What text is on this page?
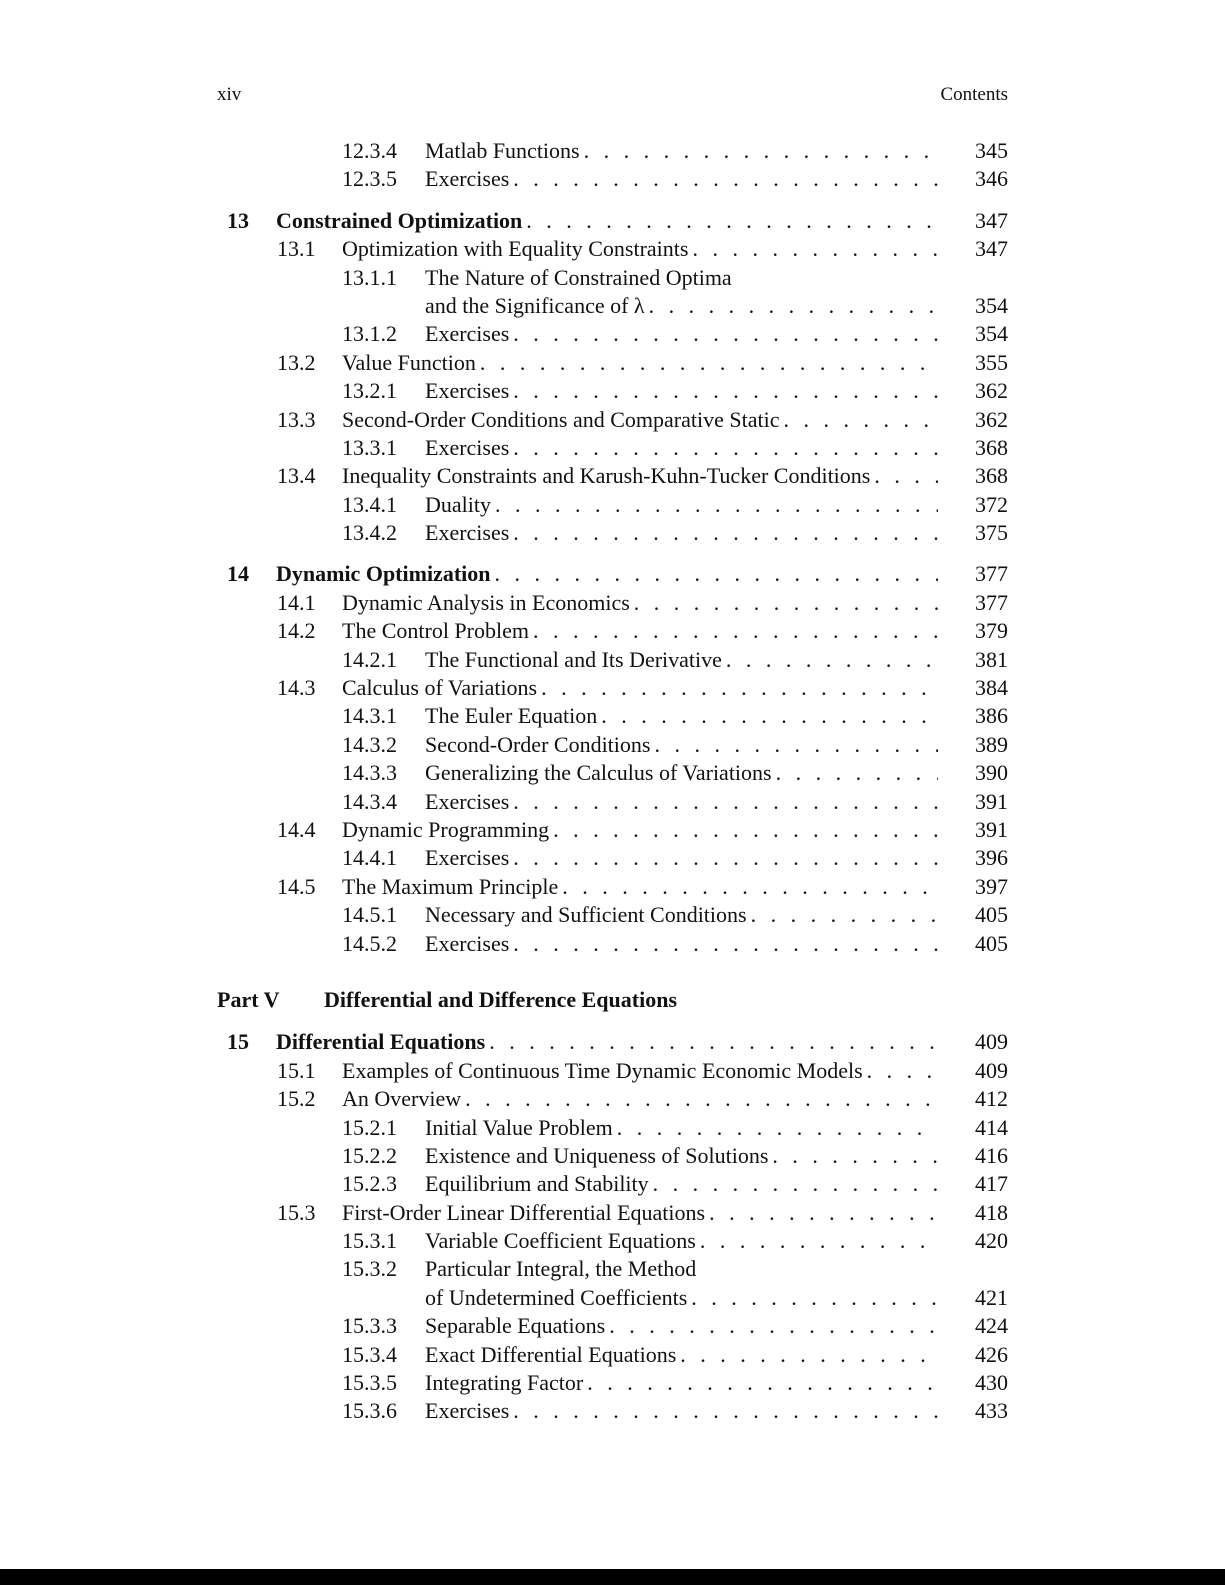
xiv	Contents
12.3.4 Matlab Functions . . .	345
12.3.5 Exercises . . .	346
13 Constrained Optimization . . .	347
13.1 Optimization with Equality Constraints . . .	347
13.1.1 The Nature of Constrained Optima
and the Significance of λ . . .	354
13.1.2 Exercises . . .	354
13.2 Value Function . . .	355
13.2.1 Exercises . . .	362
13.3 Second-Order Conditions and Comparative Static . . .	362
13.3.1 Exercises . . .	368
13.4 Inequality Constraints and Karush-Kuhn-Tucker Conditions . . .	368
13.4.1 Duality . . .	372
13.4.2 Exercises . . .	375
14 Dynamic Optimization . . .	377
14.1 Dynamic Analysis in Economics . . .	377
14.2 The Control Problem . . .	379
14.2.1 The Functional and Its Derivative . . .	381
14.3 Calculus of Variations . . .	384
14.3.1 The Euler Equation . . .	386
14.3.2 Second-Order Conditions . . .	389
14.3.3 Generalizing the Calculus of Variations . . .	390
14.3.4 Exercises . . .	391
14.4 Dynamic Programming . . .	391
14.4.1 Exercises . . .	396
14.5 The Maximum Principle . . .	397
14.5.1 Necessary and Sufficient Conditions . . .	405
14.5.2 Exercises . . .	405
Part V Differential and Difference Equations
15 Differential Equations . . .	409
15.1 Examples of Continuous Time Dynamic Economic Models . . .	409
15.2 An Overview . . .	412
15.2.1 Initial Value Problem . . .	414
15.2.2 Existence and Uniqueness of Solutions . . .	416
15.2.3 Equilibrium and Stability . . .	417
15.3 First-Order Linear Differential Equations . . .	418
15.3.1 Variable Coefficient Equations . . .	420
15.3.2 Particular Integral, the Method
of Undetermined Coefficients . . .	421
15.3.3 Separable Equations . . .	424
15.3.4 Exact Differential Equations . . .	426
15.3.5 Integrating Factor . . .	430
15.3.6 Exercises . . .	433
